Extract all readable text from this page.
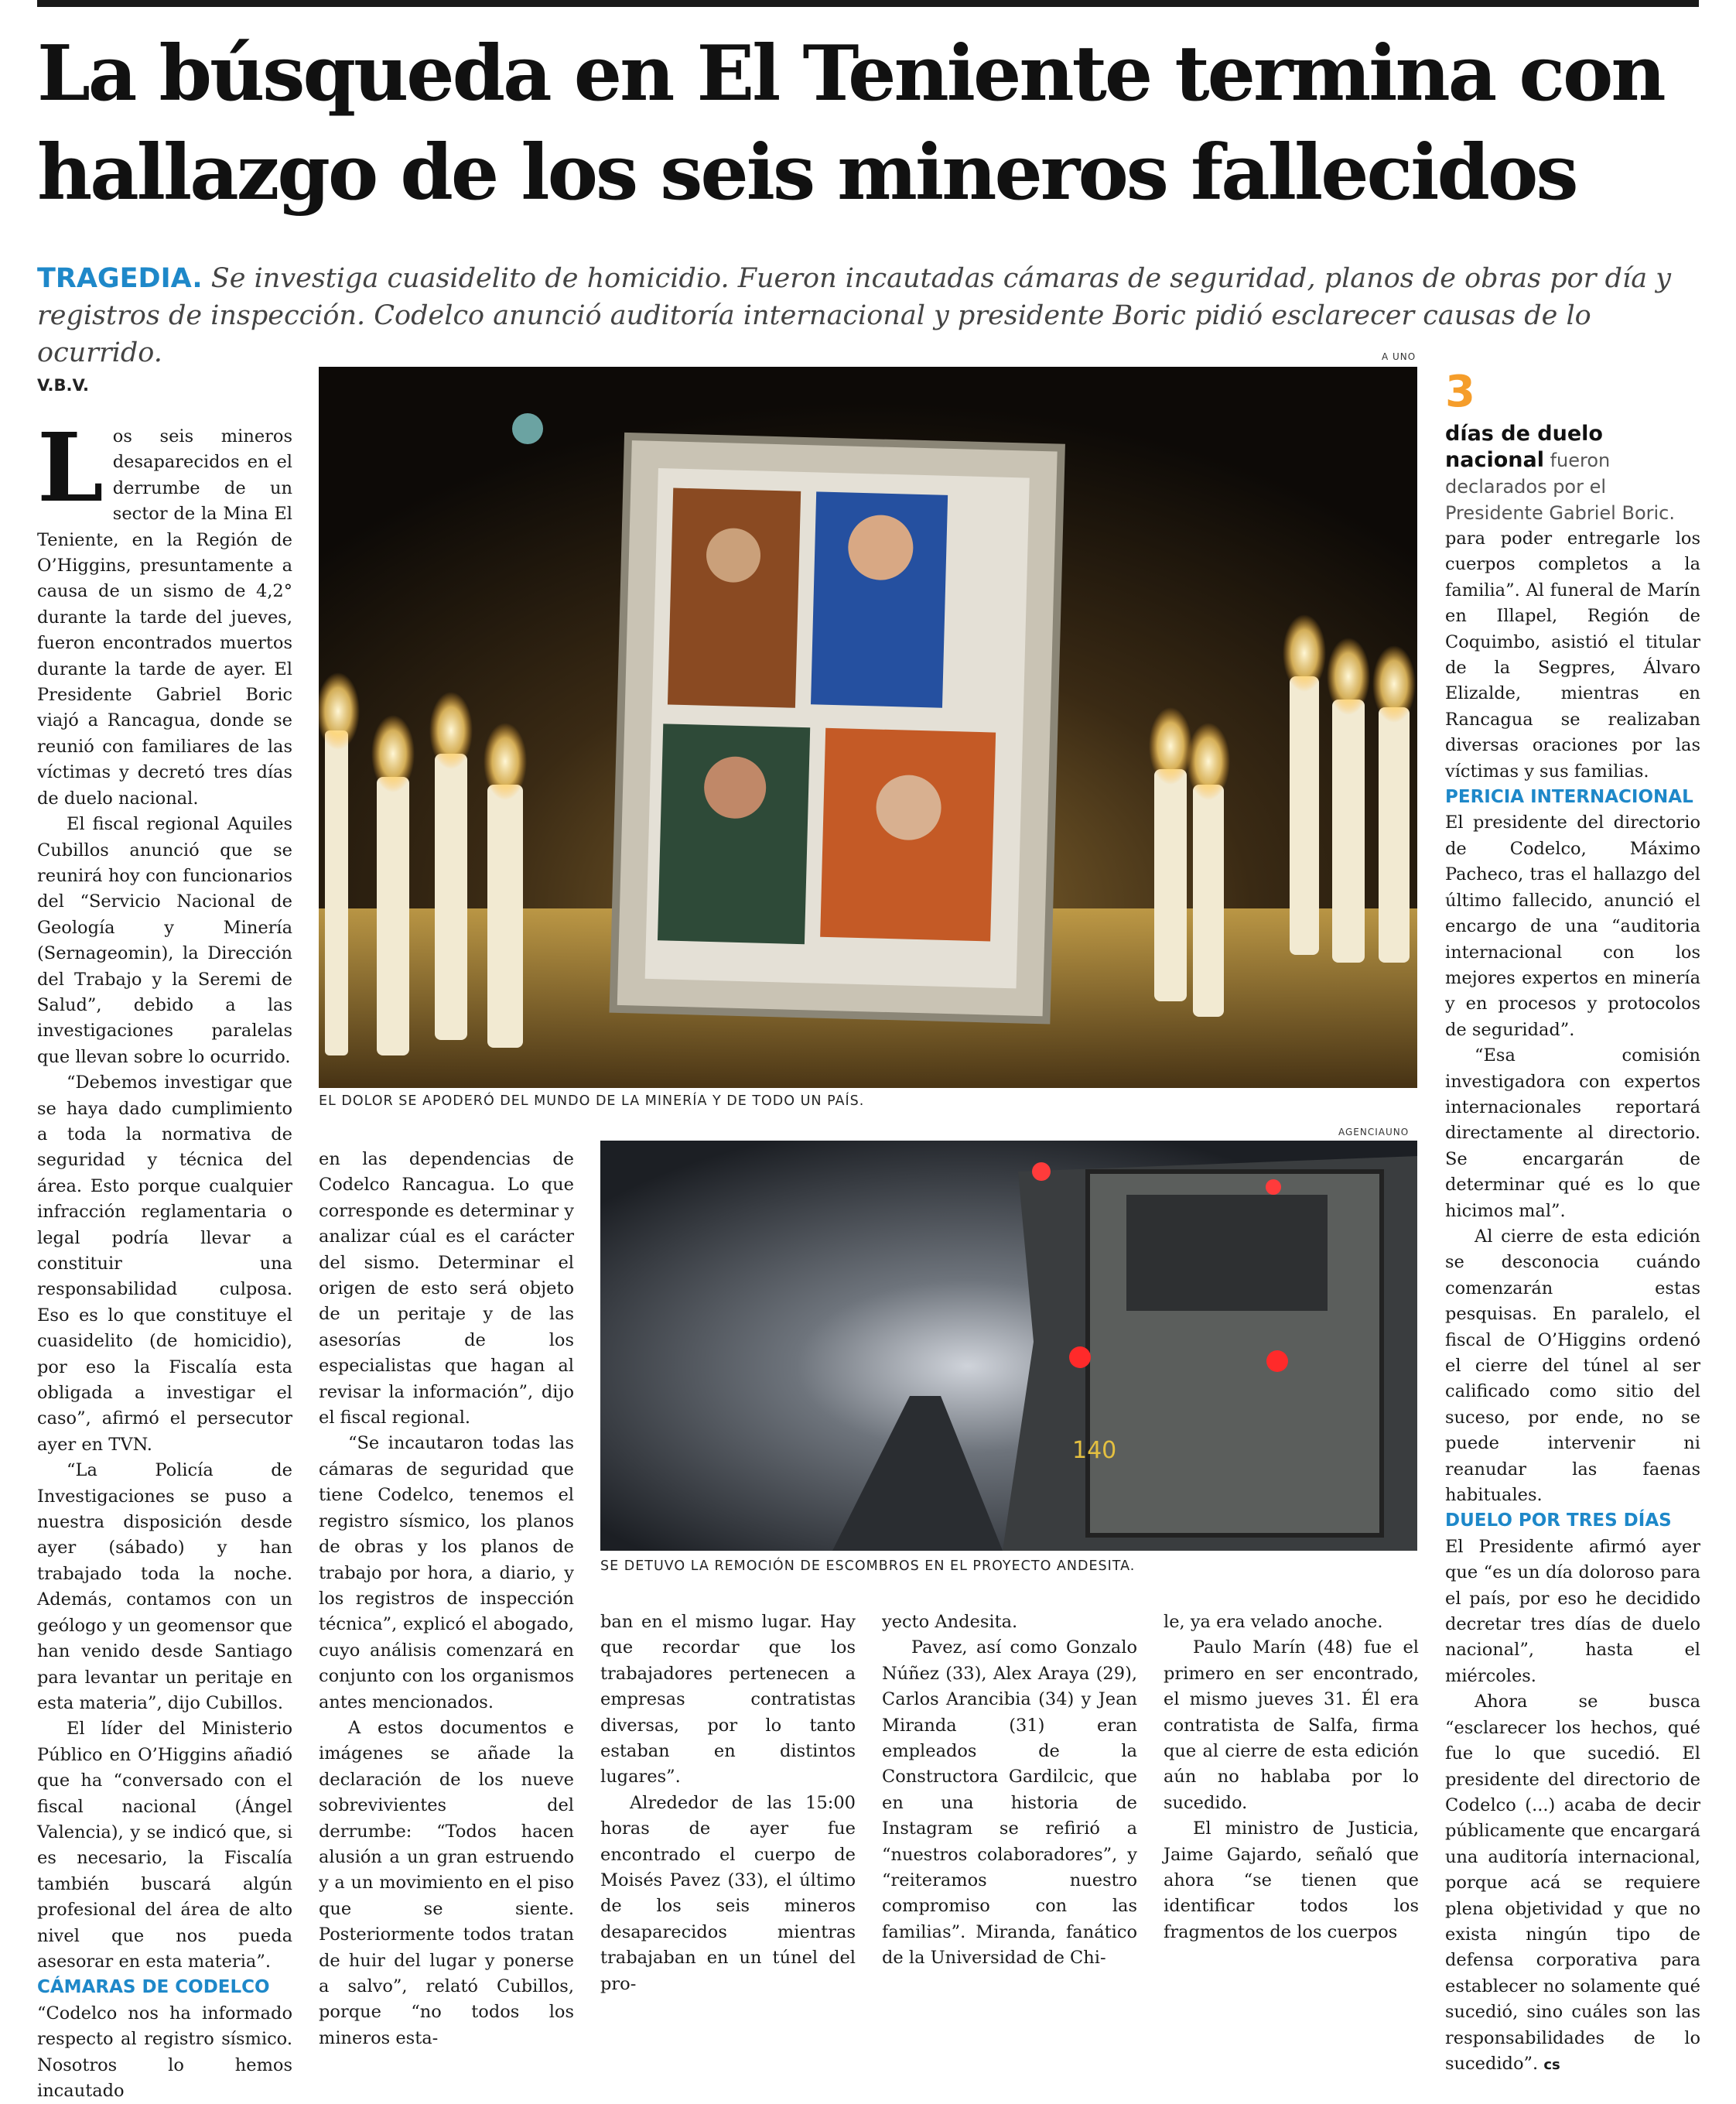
La búsqueda en El Teniente termina con hallazgo de los seis mineros fallecidos
TRAGEDIA. Se investiga cuasidelito de homicidio. Fueron incautadas cámaras de seguridad, planos de obras por día y registros de inspección. Codelco anunció auditoría internacional y presidente Boric pidió esclarecer causas de lo ocurrido.
V.B.V.

Los seis mineros desaparecidos en el derrumbe de un sector de la Mina El Teniente, en la Región de O’Higgins, presuntamente a causa de un sismo de 4,2° durante la tarde del jueves, fueron encontrados muertos durante la tarde de ayer. El Presidente Gabriel Boric viajó a Rancagua, donde se reunió con familiares de las víctimas y decretó tres días de duelo nacional.

El fiscal regional Aquiles Cubillos anunció que se reunirá hoy con funcionarios del “Servicio Nacional de Geología y Minería (Sernageomin), la Dirección del Trabajo y la Seremi de Salud”, debido a las investigaciones paralelas que llevan sobre lo ocurrido.

“Debemos investigar que se haya dado cumplimiento a toda la normativa de seguridad y técnica del área. Esto porque cualquier infracción reglamentaria o legal podría llevar a constituir una responsabilidad culposa. Eso es lo que constituye el cuasidelito (de homicidio), por eso la Fiscalía esta obligada a investigar el caso”, afirmó el persecutor ayer en TVN.

“La Policía de Investigaciones se puso a nuestra disposición desde ayer (sábado) y han trabajado toda la noche. Además, contamos con un geólogo y un geomensor que han venido desde Santiago para levantar un peritaje en esta materia”, dijo Cubillos.

El líder del Ministerio Público en O’Higgins añadió que ha “conversado con el fiscal nacional (Ángel Valencia), y se indicó que, si es necesario, la Fiscalía también buscará algún profesional del área de alto nivel que nos pueda asesorar en esta materia”.

CÁMARAS DE CODELCO

“Codelco nos ha informado respecto al registro sísmico. Nosotros lo hemos incautado

A UNO
EL DOLOR SE APODERÓ DEL MUNDO DE LA MINERÍA Y DE TODO UN PAÍS.

en las dependencias de Codelco Rancagua. Lo que corresponde es determinar y analizar cúal es el carácter del sismo. Determinar el origen de esto será objeto de un peritaje y de las asesorías de los especialistas que hagan al revisar la información”, dijo el fiscal regional.

“Se incautaron todas las cámaras de seguridad que tiene Codelco, tenemos el registro sísmico, los planos de obras y los planos de trabajo por hora, a diario, y los registros de inspección técnica”, explicó el abogado, cuyo análisis comenzará en conjunto con los organismos antes mencionados.

A estos documentos e imágenes se añade la declaración de los nueve sobrevivientes del derrumbe: “Todos hacen alusión a un gran estruendo y a un movimiento en el piso que se siente. Posteriormente todos tratan de huir del lugar y ponerse a salvo”, relató Cubillos, porque “no todos los mineros esta-

AGENCIAUNO
140
SE DETUVO LA REMOCIÓN DE ESCOMBROS EN EL PROYECTO ANDESITA.

ban en el mismo lugar. Hay que recordar que los trabajadores pertenecen a empresas contratistas diversas, por lo tanto estaban en distintos lugares”.

Alrededor de las 15:00 horas de ayer fue encontrado el cuerpo de Moisés Pavez (33), el último de los seis mineros desaparecidos mientras trabajaban en un túnel del pro-

yecto Andesita.

Pavez, así como Gonzalo Núñez (33), Alex Araya (29), Carlos Arancibia (34) y Jean Miranda (31) eran empleados de la Constructora Gardilcic, que en una historia de Instagram se refirió a “nuestros colaboradores”, y “reiteramos nuestro compromiso con las familias”. Miranda, fanático de la Universidad de Chi-

le, ya era velado anoche.

Paulo Marín (48) fue el primero en ser encontrado, el mismo jueves 31. Él era contratista de Salfa, firma que al cierre de esta edición aún no hablaba por lo sucedido.

El ministro de Justicia, Jaime Gajardo, señaló que ahora “se tienen que identificar todos los fragmentos de los cuerpos

3
días de duelo nacional fueron declarados por el Presidente Gabriel Boric.

para poder entregarle los cuerpos completos a la familia”. Al funeral de Marín en Illapel, Región de Coquimbo, asistió el titular de la Segpres, Álvaro Elizalde, mientras en Rancagua se realizaban diversas oraciones por las víctimas y sus familias.

PERICIA INTERNACIONAL

El presidente del directorio de Codelco, Máximo Pacheco, tras el hallazgo del último fallecido, anunció el encargo de una “auditoria internacional con los mejores expertos en minería y en procesos y protocolos de seguridad”.

“Esa comisión investigadora con expertos internacionales reportará directamente al directorio. Se encargarán de determinar qué es lo que hicimos mal”.

Al cierre de esta edición se desconocia cuándo comenzarán estas pesquisas. En paralelo, el fiscal de O’Higgins ordenó el cierre del túnel al ser calificado como sitio del suceso, por ende, no se puede intervenir ni reanudar las faenas habituales.

DUELO POR TRES DÍAS

El Presidente afirmó ayer que “es un día doloroso para el país, por eso he decidido decretar tres días de duelo nacional”, hasta el miércoles.

Ahora se busca “esclarecer los hechos, qué fue lo que sucedió. El presidente del directorio de Codelco (...) acaba de decir públicamente que encargará una auditoría internacional, porque acá se requiere plena objetividad y que no exista ningún tipo de defensa corporativa para establecer no solamente qué sucedió, sino cuáles son las responsabilidades de lo sucedido”. cs
